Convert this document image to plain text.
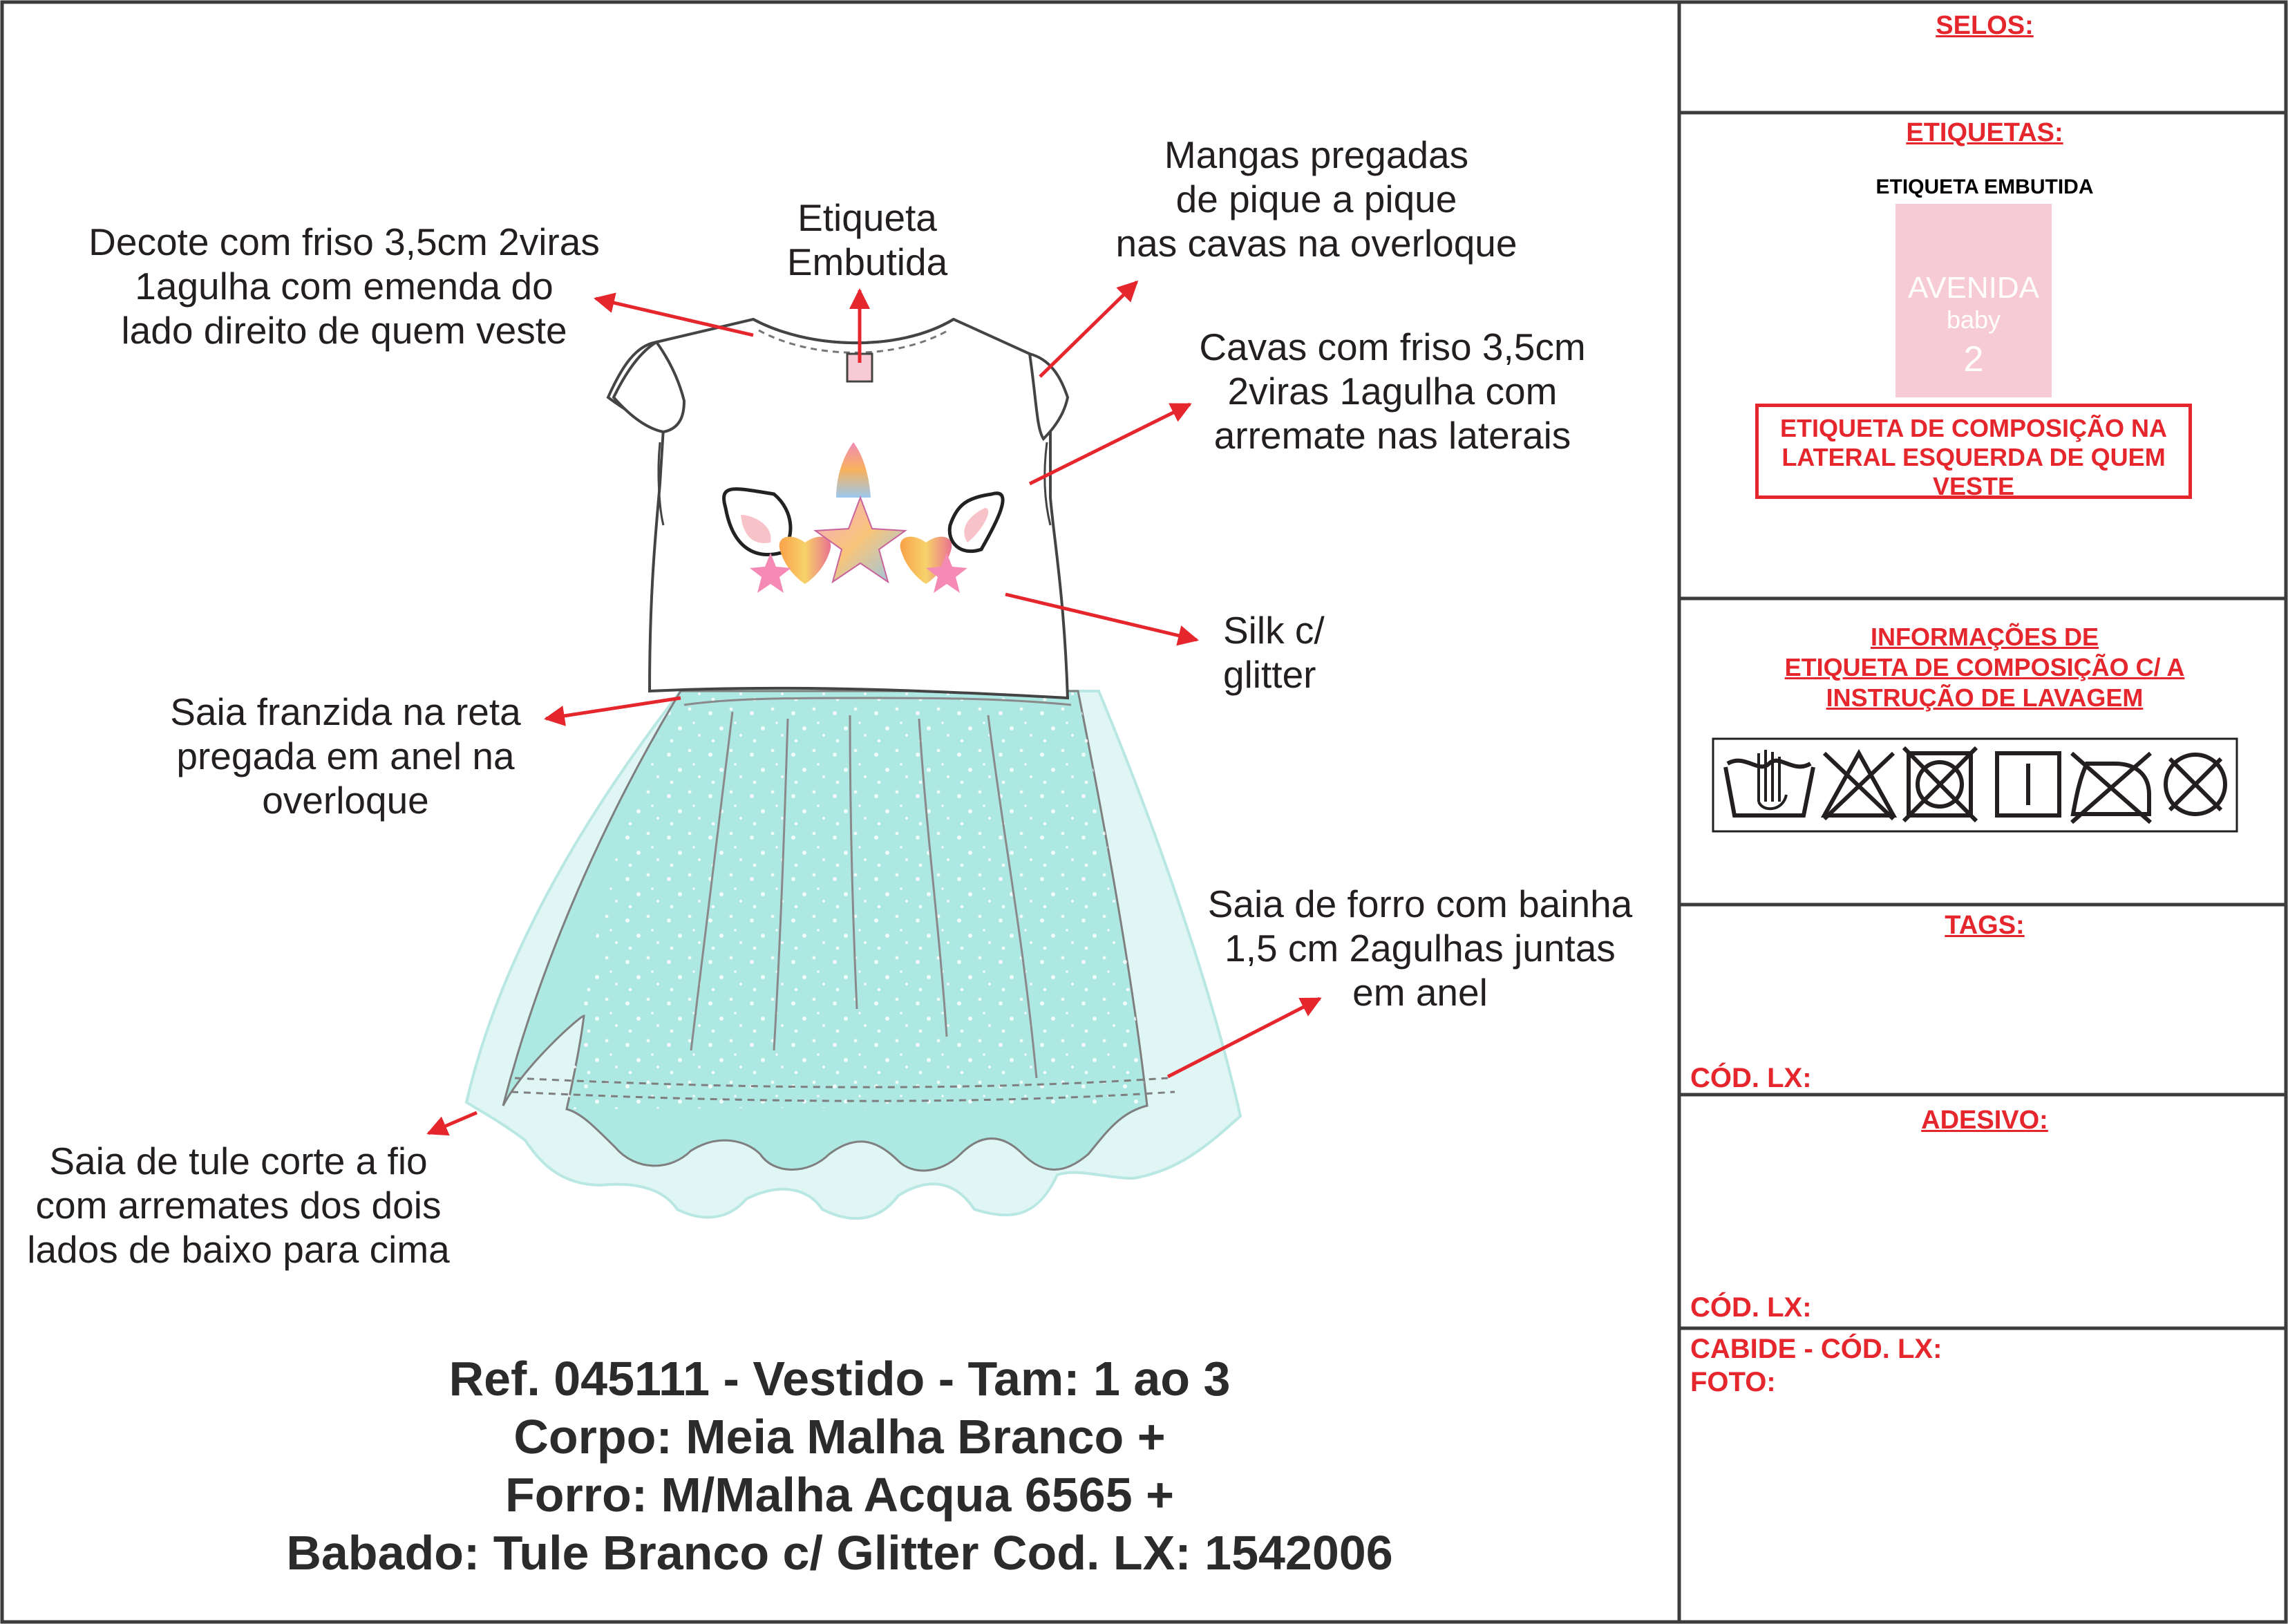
Decote com friso 3,5cm 2viras
1agulha com emenda do
lado direito de quem veste
Etiqueta
Embutida
Mangas pregadas
de pique a pique
nas cavas na overloque
Cavas com friso 3,5cm
2viras 1agulha com
arremate nas laterais
Silk c/
glitter
Saia franzida na reta
pregada em anel na
overloque
Saia de forro com bainha
1,5 cm 2agulhas juntas
em anel
Saia de tule corte a fio
com arremates dos dois
lados de baixo para cima
Ref. 045111 - Vestido - Tam: 1 ao 3
Corpo: Meia Malha Branco +
Forro: M/Malha Acqua 6565 +
Babado: Tule Branco c/ Glitter Cod. LX: 1542006
SELOS:
ETIQUETAS:
ETIQUETA EMBUTIDA
AVENIDA
baby
2
ETIQUETA DE COMPOSIÇÃO NA
LATERAL ESQUERDA DE QUEM
VESTE
INFORMAÇÕES DE
ETIQUETA DE COMPOSIÇÃO C/ A
INSTRUÇÃO DE LAVAGEM
TAGS:
CÓD. LX:
ADESIVO:
CÓD. LX:
CABIDE - CÓD. LX:
FOTO:
